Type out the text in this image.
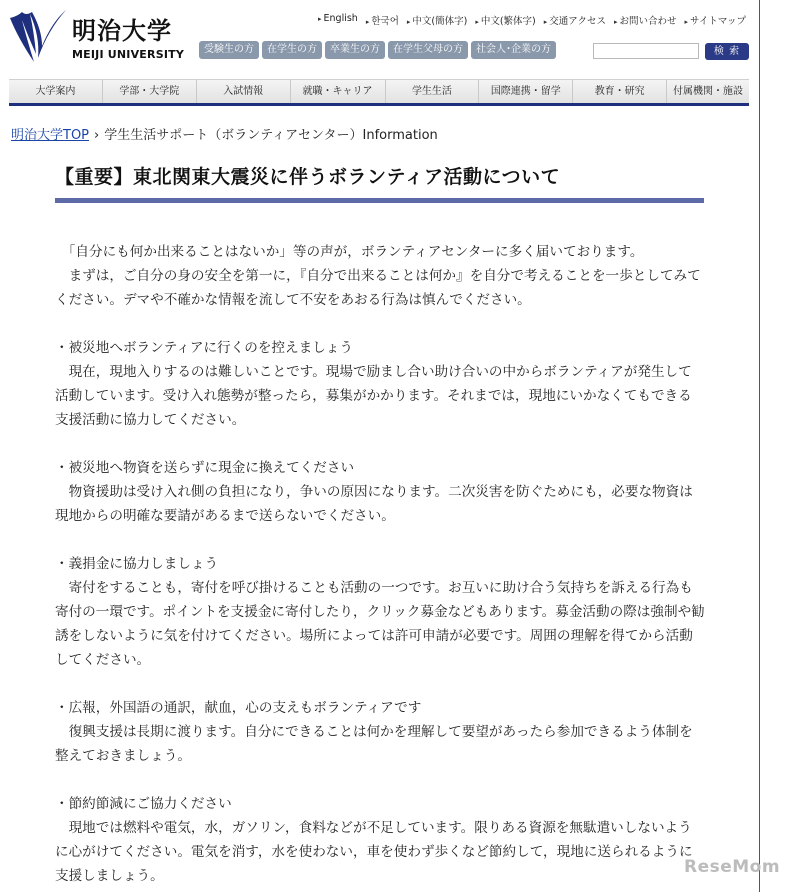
明治大学
MEIJI UNIVERSITY
▸ English	▸ 한국어	▸ 中文(簡体字)	▸ 中文(繁体字)	▸ 交通アクセス	▸ お問い合わせ	▸ サイトマップ
受験生の方	在学生の方	卒業生の方	在学生父母の方	社会人･企業の方	検 索
大学案内	学部・大学院	入試情報	就職・キャリア	学生生活	国際連携・留学	教育・研究	付属機関・施設
明治大学TOP › 学生生活サポート（ボランティアセンター）Information
【重要】東北関東大震災に伴うボランティア活動について

　「自分にも何か出来ることはないか」等の声が，ボランティアセンターに多く届いております。

　まずは，ご自分の身の安全を第一に，『自分で出来ることは何か』を自分で考えることを一歩としてみてください。デマや不確かな情報を流して不安をあおる行為は慎んでください。

・被災地へボランティアに行くのを控えましょう

　現在，現地入りするのは難しいことです。現場で励まし合い助け合いの中からボランティアが発生して活動しています。受け入れ態勢が整ったら，募集がかかります。それまでは，現地にいかなくてもできる支援活動に協力してください。

・被災地へ物資を送らずに現金に換えてください

　物資援助は受け入れ側の負担になり，争いの原因になります。二次災害を防ぐためにも，必要な物資は現地からの明確な要請があるまで送らないでください。

・義捐金に協力しましょう

　寄付をすることも，寄付を呼び掛けることも活動の一つです。お互いに助け合う気持ちを訴える行為も寄付の一環です。ポイントを支援金に寄付したり，クリック募金などもあります。募金活動の際は強制や勧誘をしないように気を付けてください。場所によっては許可申請が必要です。周囲の理解を得てから活動してください。

・広報，外国語の通訳，献血，心の支えもボランティアです

　復興支援は長期に渡ります。自分にできることは何かを理解して要望があったら参加できるよう体制を整えておきましょう。

・節約節減にご協力ください

　現地では燃料や電気，水，ガソリン，食料などが不足しています。限りある資源を無駄遣いしないように心がけてください。電気を消す，水を使わない，車を使わず歩くなど節約して，現地に送られるように支援しましょう。	ReseMom
